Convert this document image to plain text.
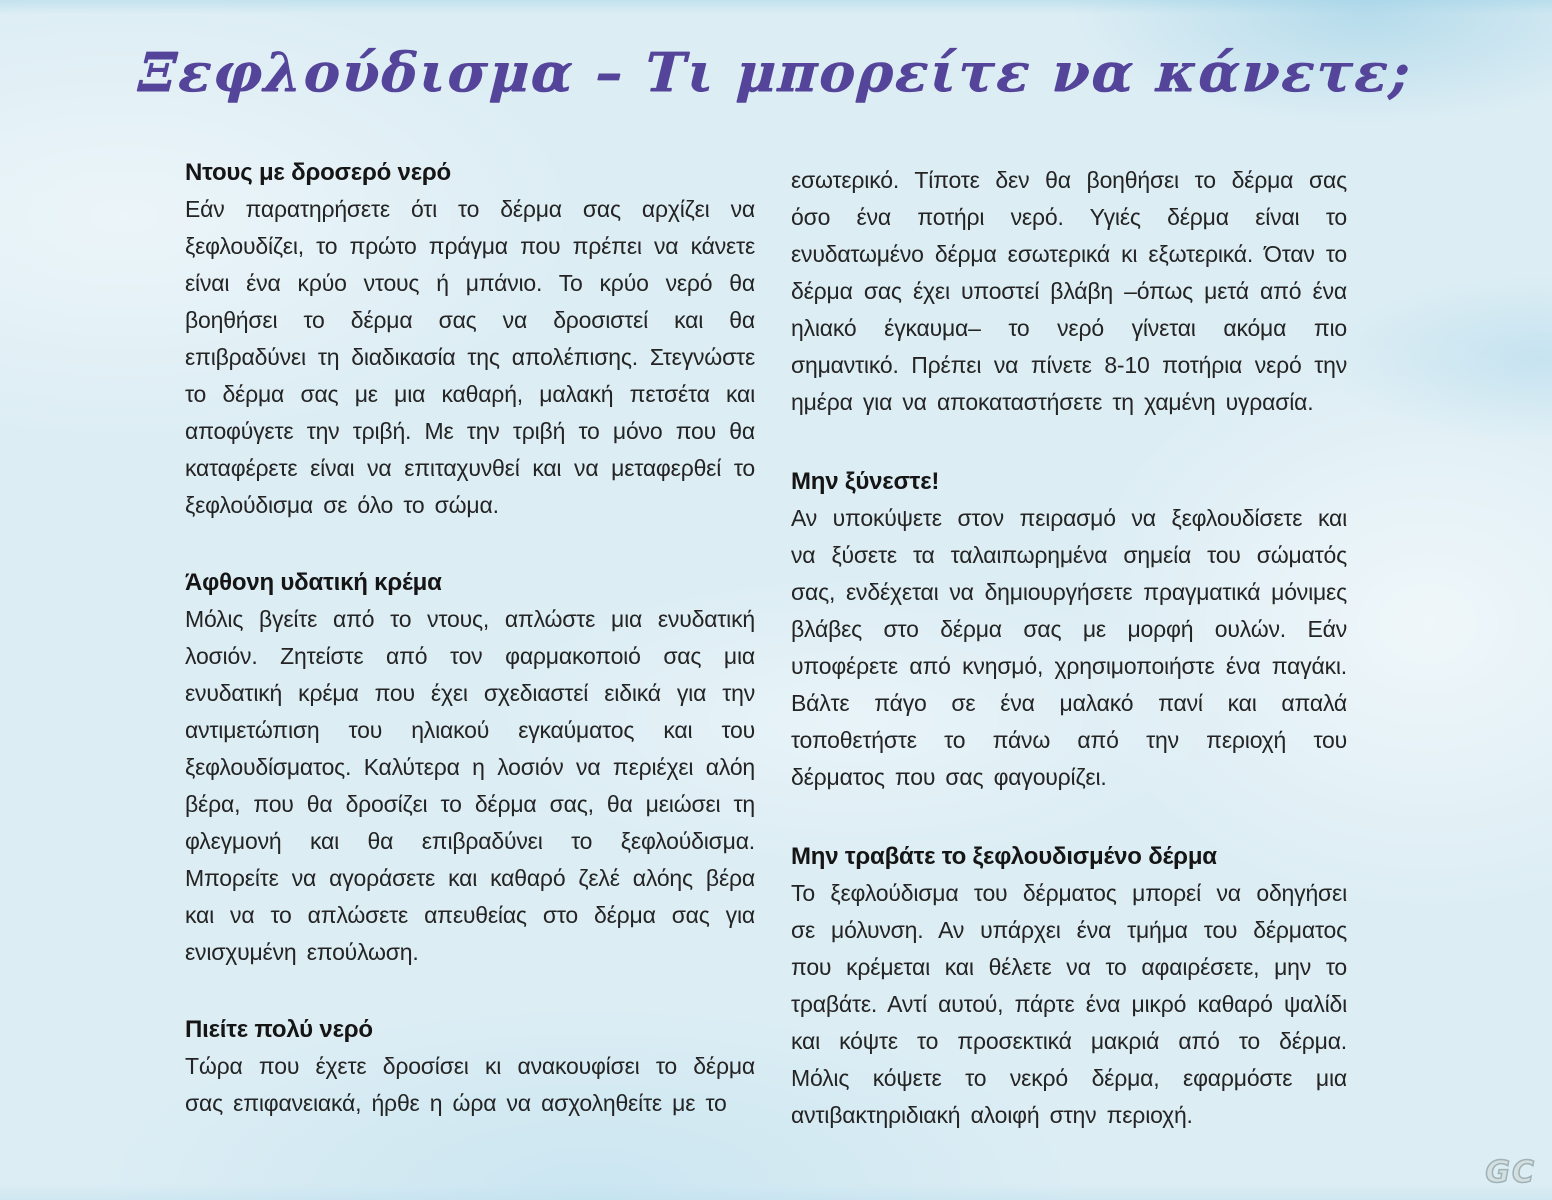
Ξεφλούδισμα – Τι μπορείτε να κάνετε;
Ντους με δροσερό νερό

Εάν παρατηρήσετε ότι το δέρμα σας αρχίζει να ξεφλουδίζει, το πρώτο πράγμα που πρέπει να κάνετε είναι ένα κρύο ντους ή μπάνιο. Το κρύο νερό θα βοηθήσει το δέρμα σας να δροσιστεί και θα επιβραδύνει τη διαδικασία της απολέπισης. Στεγνώστε το δέρμα σας με μια καθαρή, μαλακή πετσέτα και αποφύγετε την τριβή. Με την τριβή το μόνο που θα καταφέρετε είναι να επιταχυνθεί και να μεταφερθεί το ξεφλούδισμα σε όλο το σώμα.

Άφθονη υδατική κρέμα

Μόλις βγείτε από το ντους, απλώστε μια ενυδατική λοσιόν. Ζητείστε από τον φαρμακοποιό σας μια ενυδατική κρέμα που έχει σχεδιαστεί ειδικά για την αντιμετώπιση του ηλιακού εγκαύματος και του ξεφλουδίσματος. Καλύτερα η λοσιόν να περιέχει αλόη βέρα, που θα δροσίζει το δέρμα σας, θα μειώσει τη φλεγμονή και θα επιβραδύνει το ξεφλούδισμα. Μπορείτε να αγοράσετε και καθαρό ζελέ αλόης βέρα και να το απλώσετε απευθείας στο δέρμα σας για ενισχυμένη επούλωση.

Πιείτε πολύ νερό

Τώρα που έχετε δροσίσει κι ανακουφίσει το δέρμα σας επιφανειακά, ήρθε η ώρα να ασχοληθείτε με το

εσωτερικό. Τίποτε δεν θα βοηθήσει το δέρμα σας όσο ένα ποτήρι νερό. Υγιές δέρμα είναι το ενυδατωμένο δέρμα εσωτερικά κι εξωτερικά. Όταν το δέρμα σας έχει υποστεί βλάβη –όπως μετά από ένα ηλιακό έγκαυμα– το νερό γίνεται ακόμα πιο σημαντικό. Πρέπει να πίνετε 8-10 ποτήρια νερό την ημέρα για να αποκαταστήσετε τη χαμένη υγρασία.

Μην ξύνεστε!

Αν υποκύψετε στον πειρασμό να ξεφλουδίσετε και να ξύσετε τα ταλαιπωρημένα σημεία του σώματός σας, ενδέχεται να δημιουργήσετε πραγματικά μόνιμες βλάβες στο δέρμα σας με μορφή ουλών. Εάν υποφέρετε από κνησμό, χρησιμοποιήστε ένα παγάκι. Βάλτε πάγο σε ένα μαλακό πανί και απαλά τοποθετήστε το πάνω από την περιοχή του δέρματος που σας φαγουρίζει.

Μην τραβάτε το ξεφλουδισμένο δέρμα

Το ξεφλούδισμα του δέρματος μπορεί να οδηγήσει σε μόλυνση. Αν υπάρχει ένα τμήμα του δέρματος που κρέμεται και θέλετε να το αφαιρέσετε, μην το τραβάτε. Αντί αυτού, πάρτε ένα μικρό καθαρό ψαλίδι και κόψτε το προσεκτικά μακριά από το δέρμα. Μόλις κόψετε το νεκρό δέρμα, εφαρμόστε μια αντιβακτηριδιακή αλοιφή στην περιοχή.

GC
